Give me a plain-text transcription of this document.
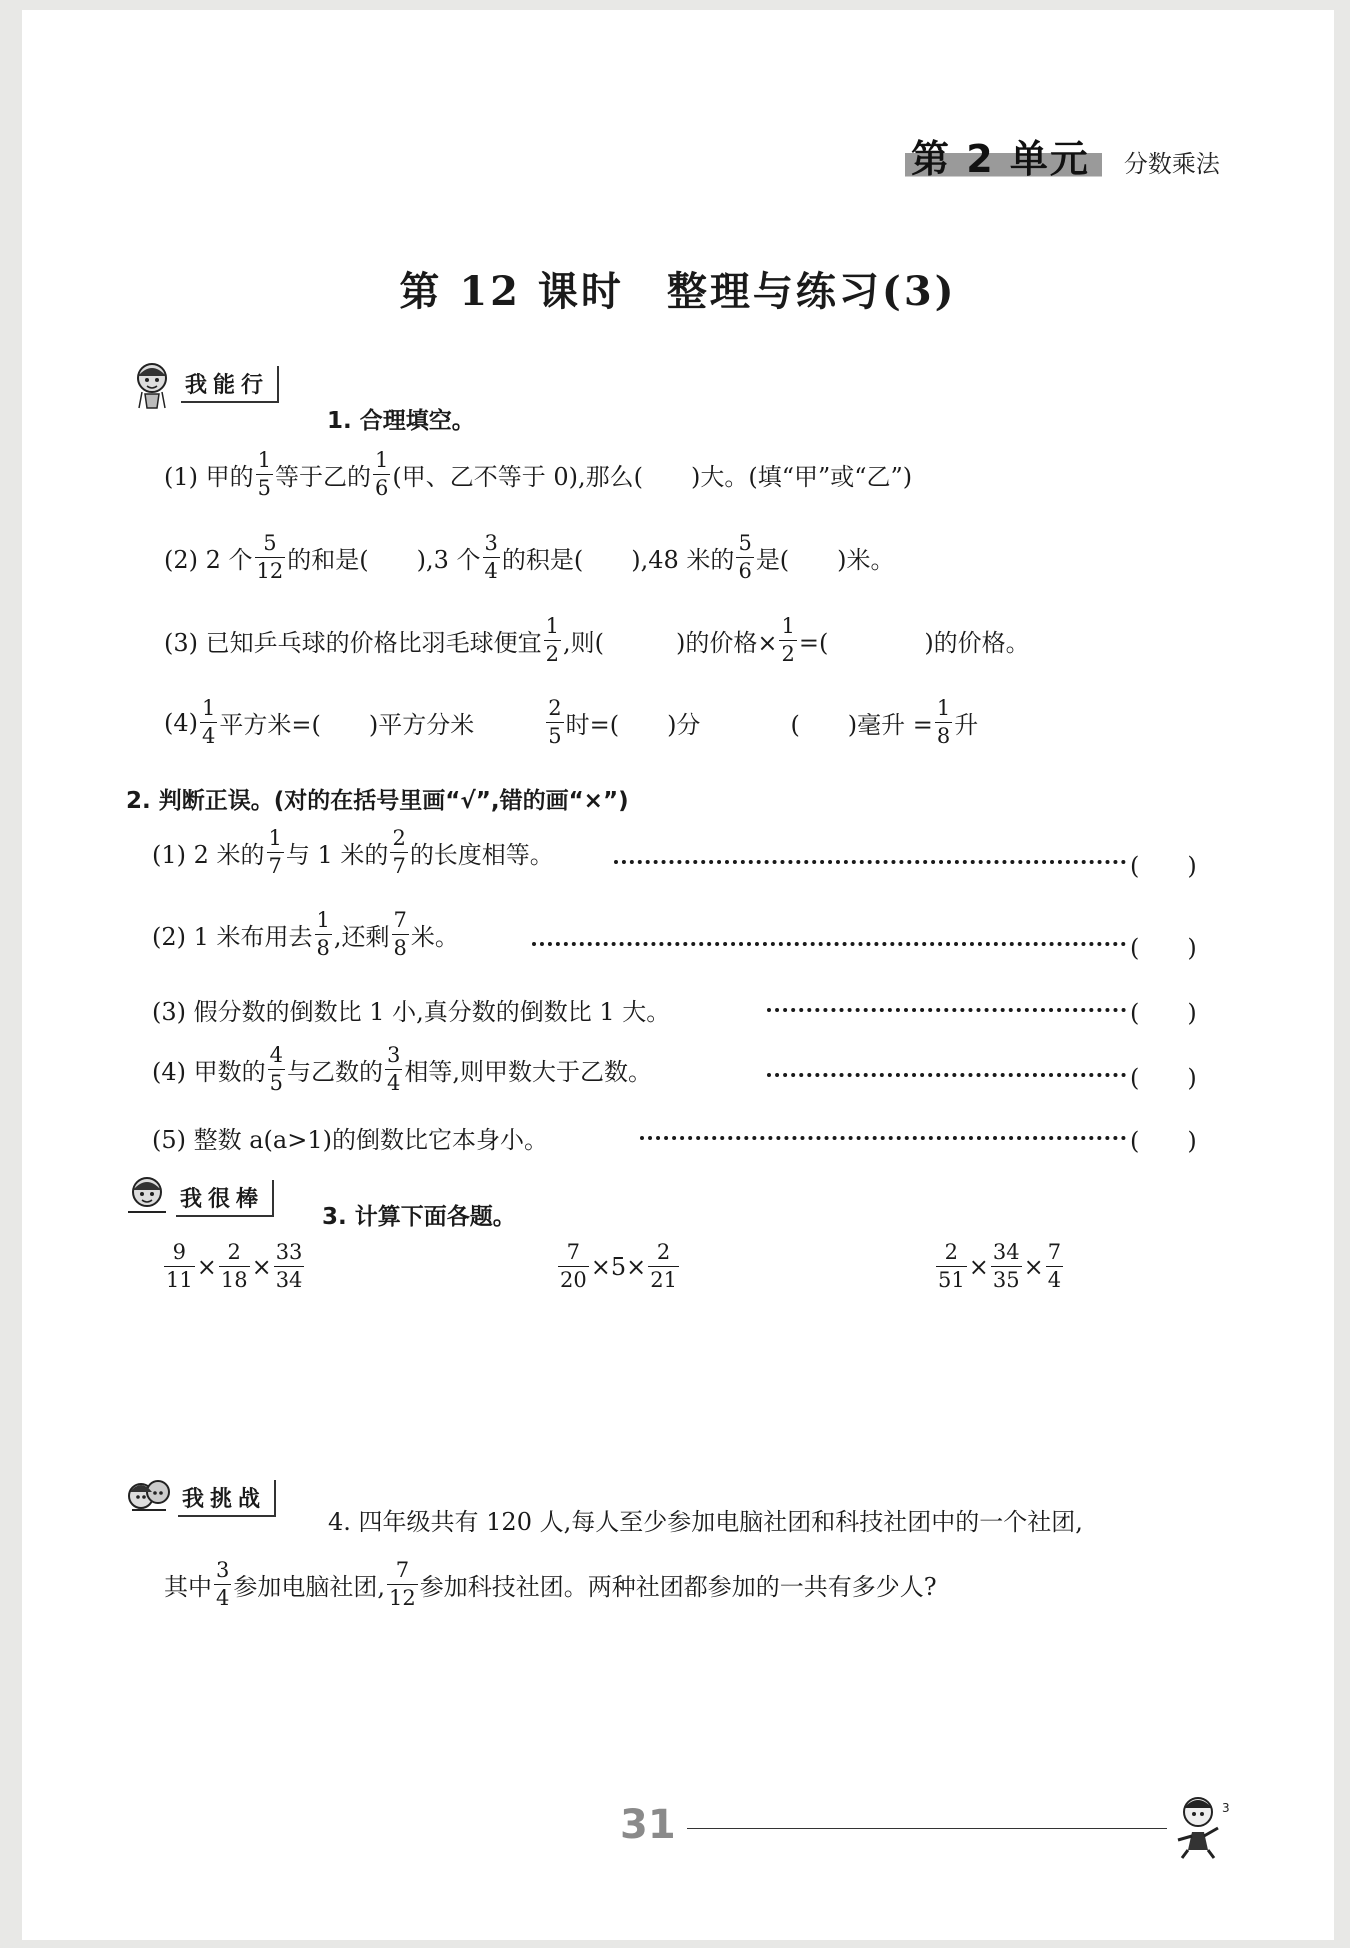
第 2 单元	分数乘法
第 12 课时　整理与练习(3)
我能行
1. 合理填空。
(1) 甲的 $\frac{1}{5}$ 等于乙的 $\frac{1}{6}$ (甲、乙不等于 0),那么(　　)大。(填“甲”或“乙”)
(2) 2 个 $\frac{5}{12}$ 的和是(　　),3 个 $\frac{3}{4}$ 的积是(　　),48 米的 $\frac{5}{6}$ 是(　　)米。
(3) 已知乒乓球的价格比羽毛球便宜 $\frac{1}{2}$ ,则(　　　)的价格× $\frac{1}{2}$ =(　　　　)的价格。
$(4) \frac{1}{4}$ 平方米=(　　)平方分米	$\frac{2}{5}$ 时=(　　)分	(　　)毫升 = $\frac{1}{8}$ 升
2. 判断正误。(对的在括号里画“√”,错的画“×”)
(1) 2 米的 $\frac{1}{7}$ 与 1 米的 $\frac{2}{7}$ 的长度相等。	(　　)
(2) 1 米布用去 $\frac{1}{8}$ ,还剩 $\frac{7}{8}$ 米。	(　　)
(3) 假分数的倒数比 1 小,真分数的倒数比 1 大。	(　　)
(4) 甲数的 $\frac{4}{5}$ 与乙数的 $\frac{3}{4}$ 相等,则甲数大于乙数。	(　　)
(5) 整数 a(a>1)的倒数比它本身小。	(　　)
我很棒
3. 计算下面各题。
$\frac{9}{11} \times \frac{2}{18} \times \frac{33}{34}$	$\frac{7}{20} \times 5\times \frac{2}{21}$	$\frac{2}{51} \times \frac{34}{35} \times \frac{7}{4}$
我挑战
4. 四年级共有 120 人,每人至少参加电脑社团和科技社团中的一个社团,
其中 $\frac{3}{4}$ 参加电脑社团, $\frac{7}{12}$ 参加科技社团。两种社团都参加的一共有多少人?
31	3
